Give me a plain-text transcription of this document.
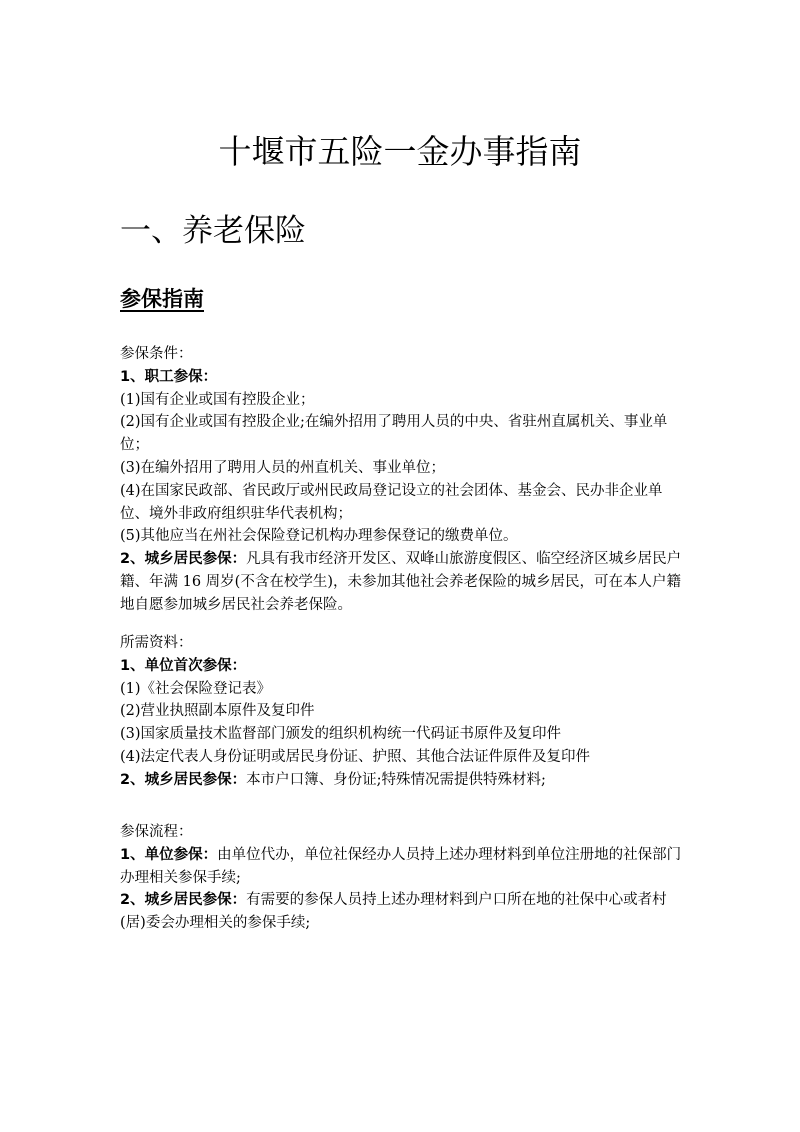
十堰市五险一金办事指南
一、养老保险
参保指南
参保条件：
1、职工参保：
(1)国有企业或国有控股企业；
(2)国有企业或国有控股企业;在编外招用了聘用人员的中央、省驻州直属机关、事业单位；
(3)在编外招用了聘用人员的州直机关、事业单位；
(4)在国家民政部、省民政厅或州民政局登记设立的社会团体、基金会、民办非企业单位、境外非政府组织驻华代表机构；
(5)其他应当在州社会保险登记机构办理参保登记的缴费单位。
2、城乡居民参保：凡具有我市经济开发区、双峰山旅游度假区、临空经济区城乡居民户籍、年满 16 周岁(不含在校学生)，未参加其他社会养老保险的城乡居民，可在本人户籍地自愿参加城乡居民社会养老保险。
所需资料：
1、单位首次参保：
(1)《社会保险登记表》
(2)营业执照副本原件及复印件
(3)国家质量技术监督部门颁发的组织机构统一代码证书原件及复印件
(4)法定代表人身份证明或居民身份证、护照、其他合法证件原件及复印件
2、城乡居民参保：本市户口簿、身份证;特殊情况需提供特殊材料;
参保流程：
1、单位参保：由单位代办，单位社保经办人员持上述办理材料到单位注册地的社保部门办理相关参保手续;
2、城乡居民参保：有需要的参保人员持上述办理材料到户口所在地的社保中心或者村(居)委会办理相关的参保手续;
